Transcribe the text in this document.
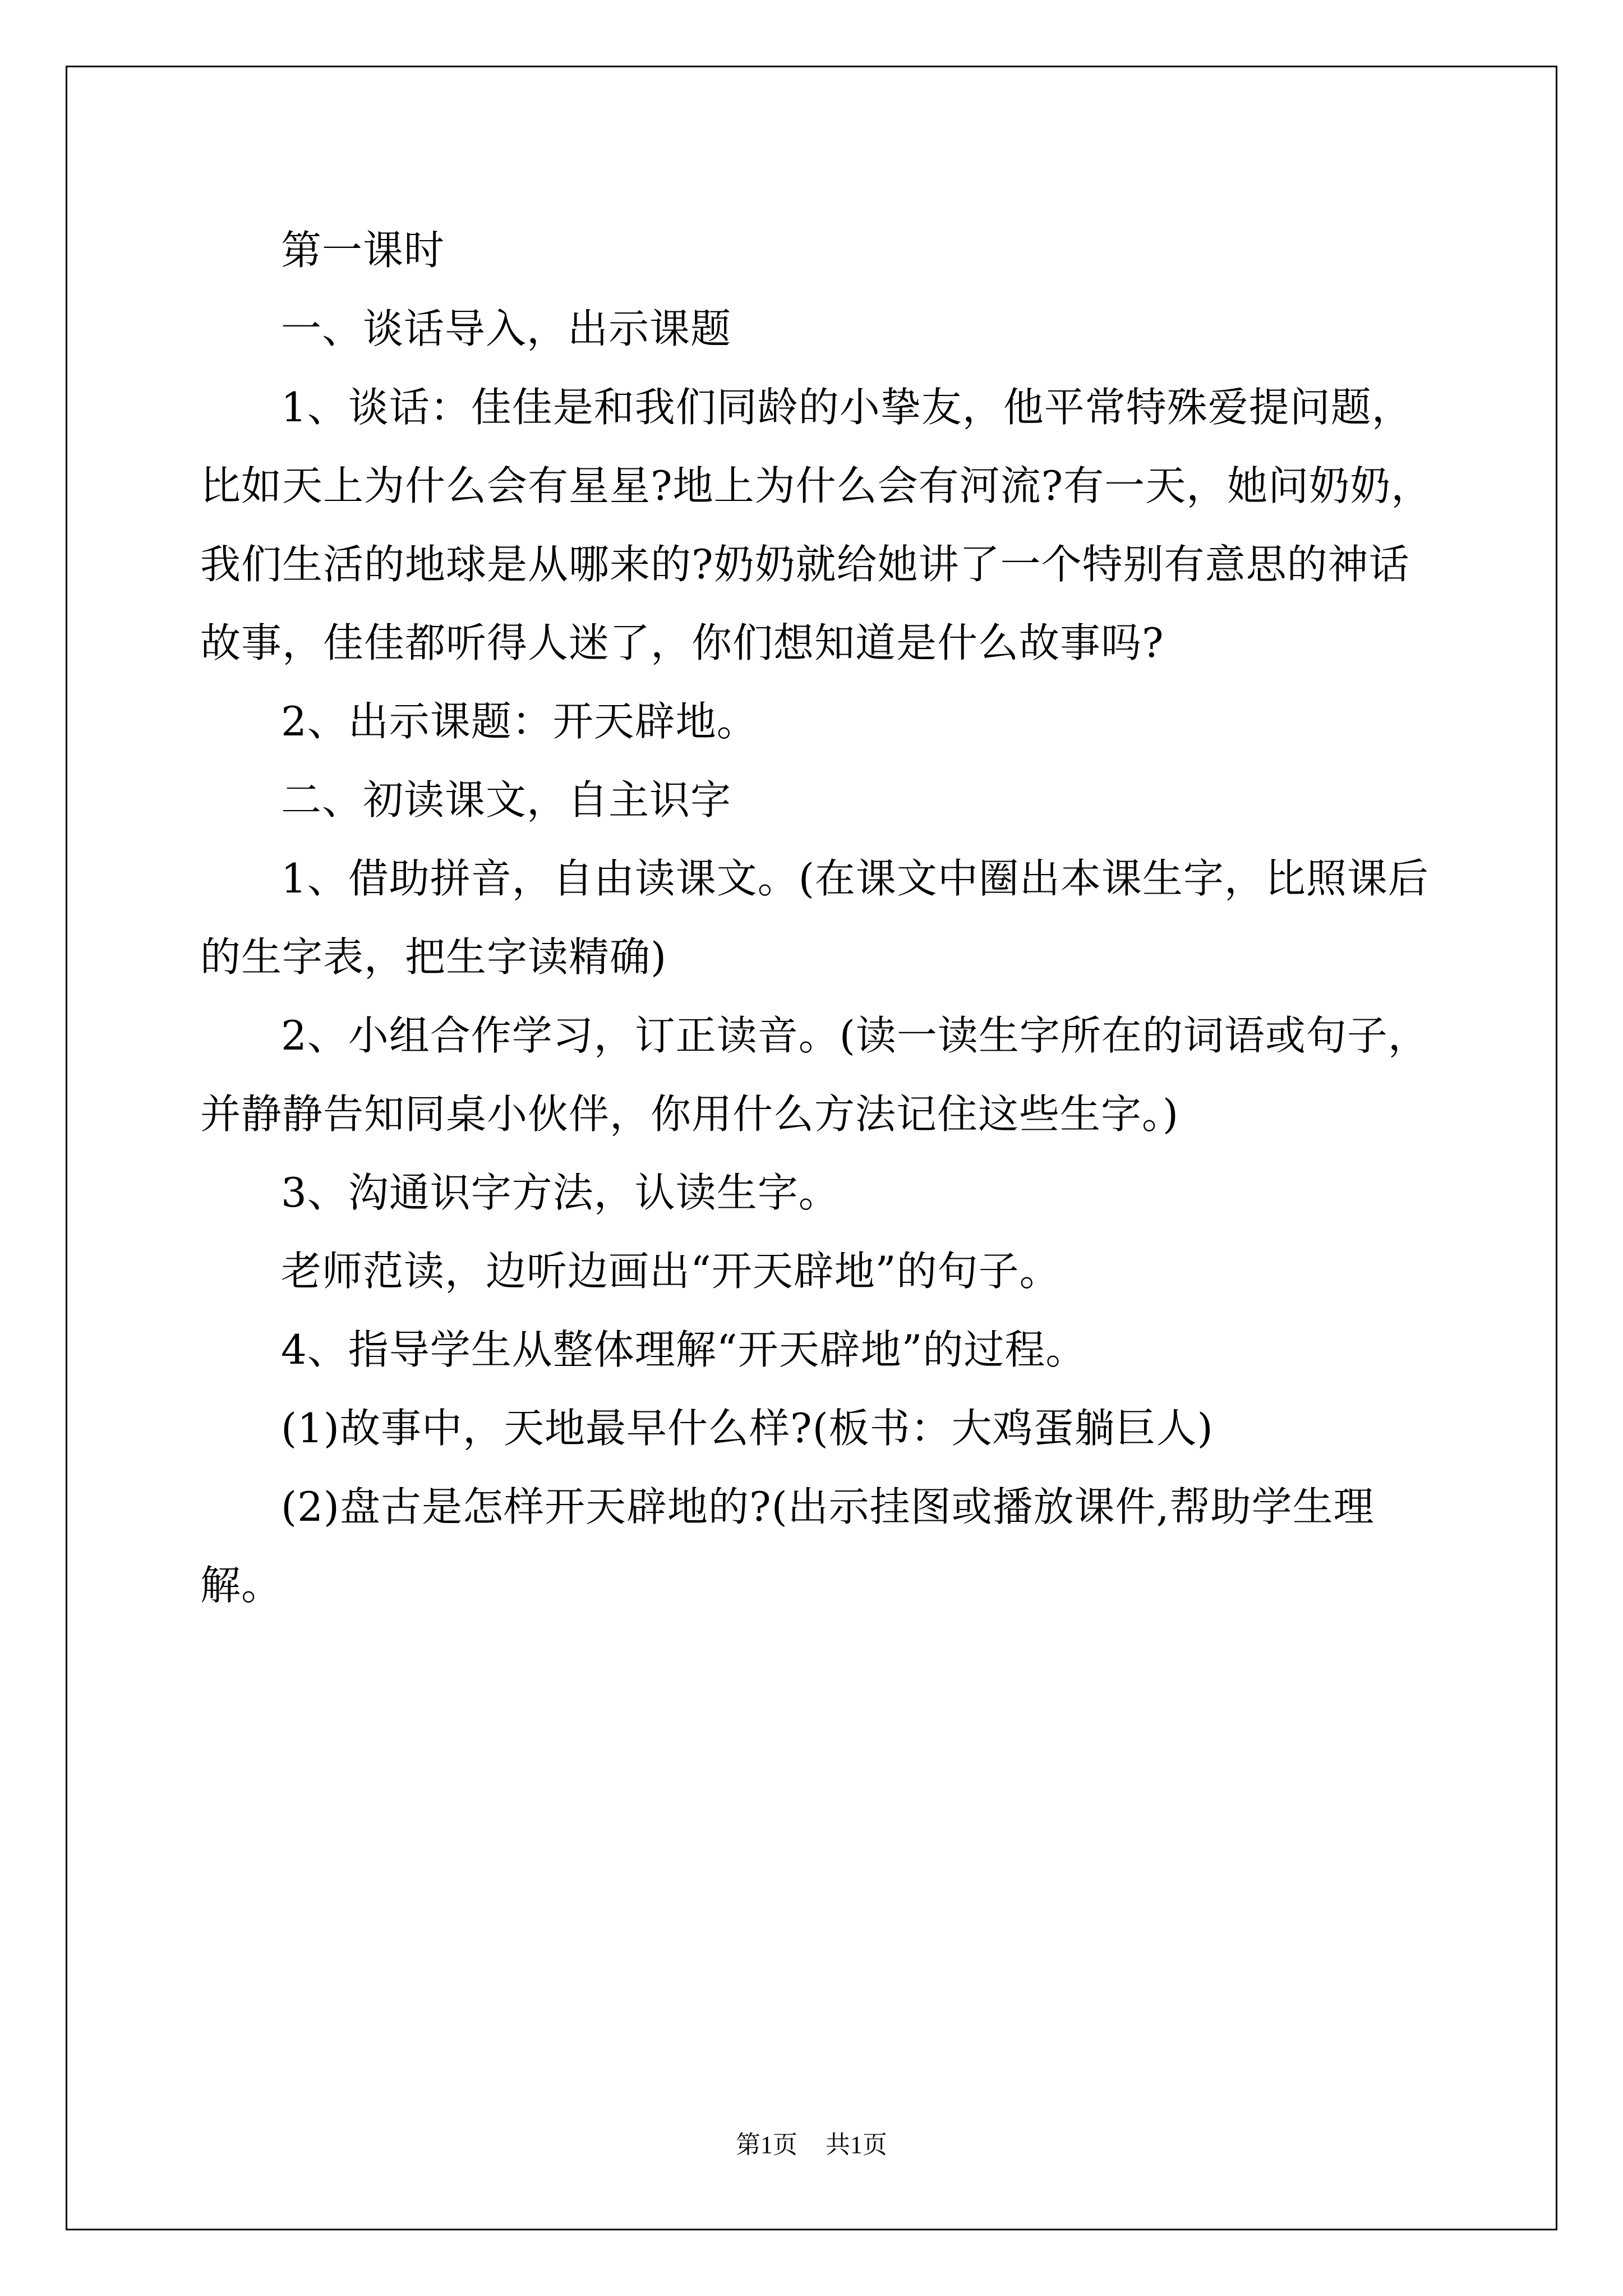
第一课时

一、谈话导入，出示课题

1、谈话：佳佳是和我们同龄的小挚友，他平常特殊爱提问题，比如天上为什么会有星星?地上为什么会有河流?有一天，她问奶奶，我们生活的地球是从哪来的?奶奶就给她讲了一个特别有意思的神话故事，佳佳都听得人迷了，你们想知道是什么故事吗?

2、出示课题：开天辟地。

二、初读课文，自主识字

1、借助拼音，自由读课文。(在课文中圈出本课生字，比照课后的生字表，把生字读精确)

2、小组合作学习，订正读音。(读一读生字所在的词语或句子，并静静告知同桌小伙伴，你用什么方法记住这些生字。)

3、沟通识字方法，认读生字。

老师范读，边听边画出“开天辟地”的句子。

4、指导学生从整体理解“开天辟地”的过程。

(1)故事中，天地最早什么样?(板书：大鸡蛋躺巨人)

(2)盘古是怎样开天辟地的?(出示挂图或播放课件,帮助学生理解。

第1页 共1页
